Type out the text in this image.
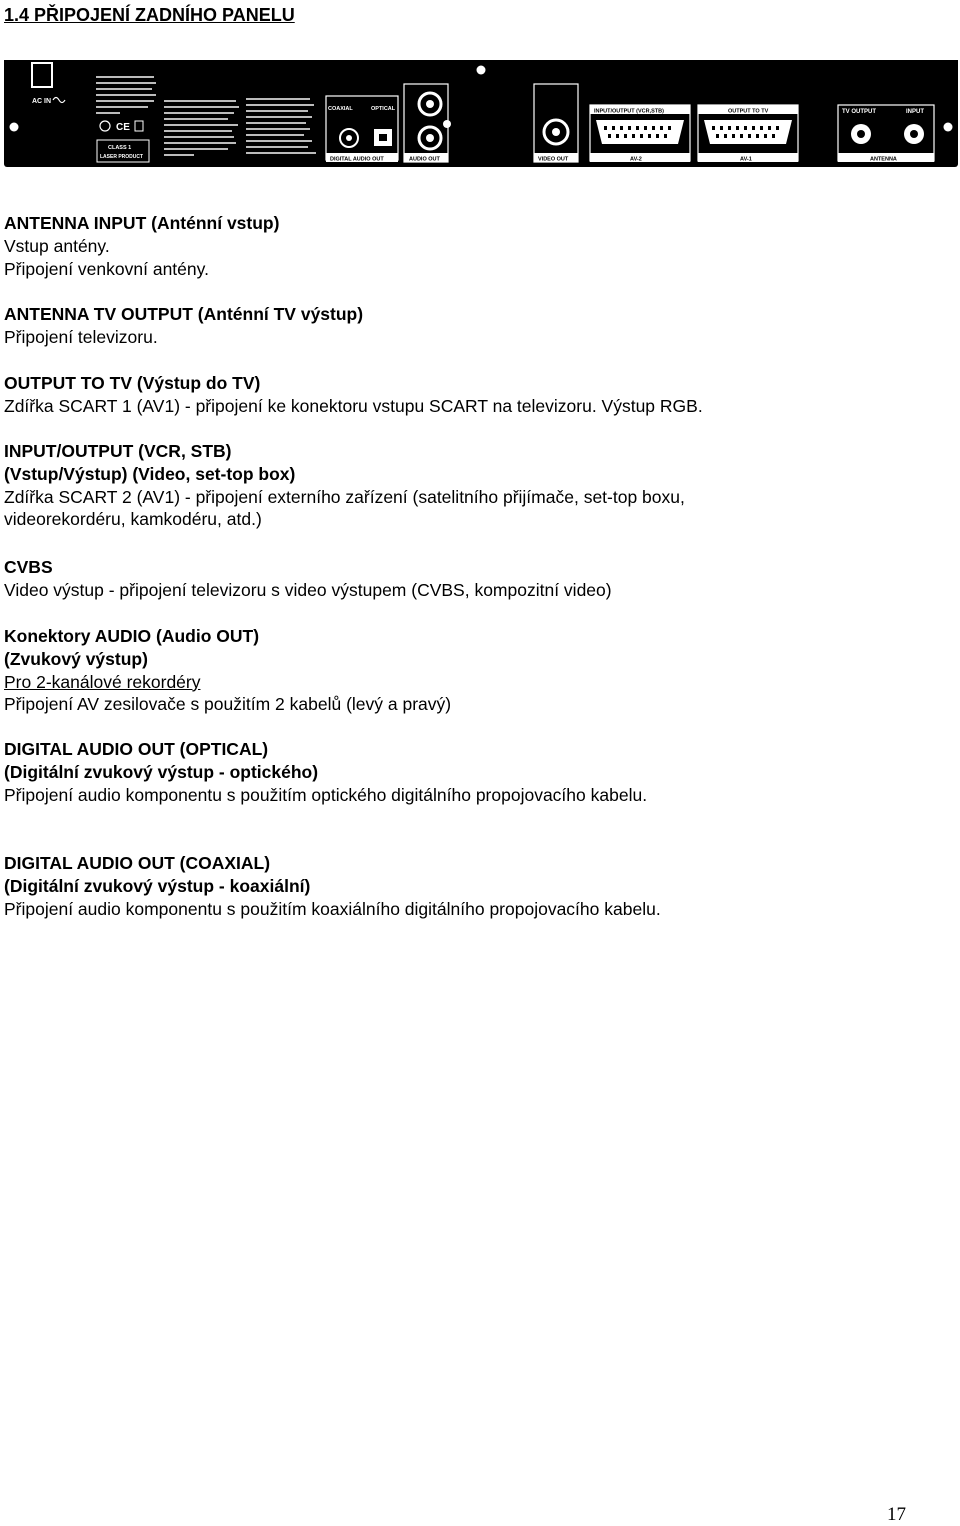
1.4 PŘIPOJENÍ ZADNÍHO PANELU
AC IN
CE
CLASS 1
LASER PRODUCT
COAXIAL	OPTICAL
DIGITAL AUDIO OUT	AUDIO OUT	VIDEO OUT
INPUT/OUTPUT (VCR,STB)
AV-2
OUTPUT TO TV
AV-1
TV OUTPUT	INPUT
ANTENNA

ANTENNA INPUT (Anténní vstup)

Vstup antény.

Připojení venkovní antény.

ANTENNA TV OUTPUT (Anténní TV výstup)

Připojení televizoru.

OUTPUT TO TV (Výstup do TV)

Zdířka SCART 1 (AV1) - připojení ke konektoru vstupu SCART na televizoru. Výstup RGB.

INPUT/OUTPUT (VCR, STB)

(Vstup/Výstup) (Video, set-top box)

Zdířka SCART 2 (AV1) - připojení externího zařízení (satelitního přijímače, set-top boxu,

videorekordéru, kamkodéru, atd.)

CVBS

Video výstup - připojení televizoru s video výstupem (CVBS, kompozitní video)

Konektory AUDIO (Audio OUT)

(Zvukový výstup)

Pro 2-kanálové rekordéry

Připojení AV zesilovače s použitím 2 kabelů (levý a pravý)

DIGITAL AUDIO OUT (OPTICAL)

(Digitální zvukový výstup - optického)

Připojení audio komponentu s použitím optického digitálního propojovacího kabelu.

DIGITAL AUDIO OUT (COAXIAL)

(Digitální zvukový výstup - koaxiální)

Připojení audio komponentu s použitím koaxiálního digitálního propojovacího kabelu.

17
